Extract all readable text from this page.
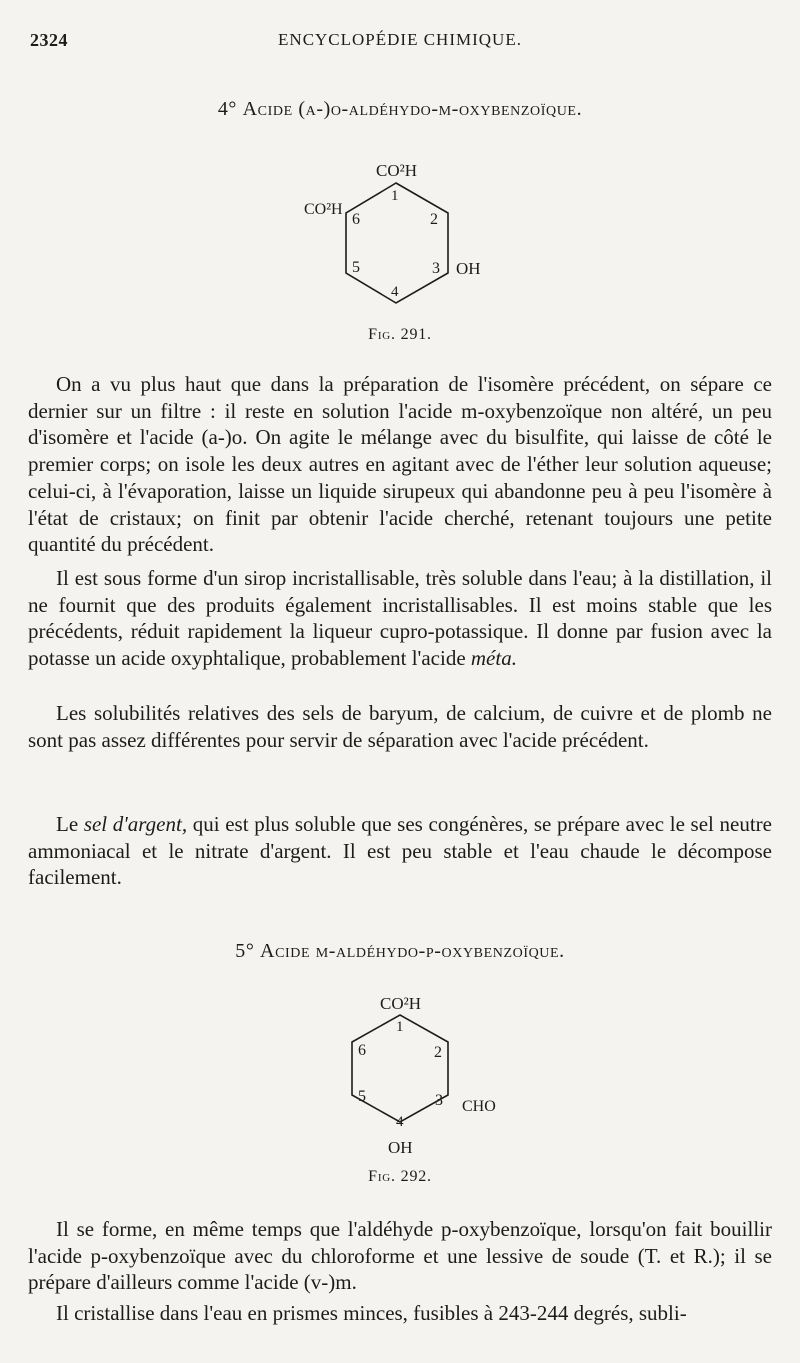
2324	ENCYCLOPÉDIE CHIMIQUE.
4° Acide (a-)o-aldéhydo-m-oxybenzoïque.
CO²H
CO²H
OH
1
2
3
4
5
6
Fig. 291.

On a vu plus haut que dans la préparation de l'isomère précédent, on sépare ce dernier sur un filtre : il reste en solution l'acide m-oxybenzoïque non altéré, un peu d'isomère et l'acide (a-)o. On agite le mélange avec du bisulfite, qui laisse de côté le premier corps; on isole les deux autres en agitant avec de l'éther leur solution aqueuse; celui-ci, à l'évaporation, laisse un liquide sirupeux qui abandonne peu à peu l'isomère à l'état de cristaux; on finit par obtenir l'acide cherché, retenant toujours une petite quantité du précédent.

Il est sous forme d'un sirop incristallisable, très soluble dans l'eau; à la distillation, il ne fournit que des produits également incristallisables. Il est moins stable que les précédents, réduit rapidement la liqueur cupro-potassique. Il donne par fusion avec la potasse un acide oxyphtalique, probablement l'acide méta.

Les solubilités relatives des sels de baryum, de calcium, de cuivre et de plomb ne sont pas assez différentes pour servir de séparation avec l'acide précédent.

Le sel d'argent, qui est plus soluble que ses congénères, se prépare avec le sel neutre ammoniacal et le nitrate d'argent. Il est peu stable et l'eau chaude le décompose facilement.

5° Acide m-aldéhydo-p-oxybenzoïque.
CO²H
CHO
OH
1
2
3
4
5
6
Fig. 292.

Il se forme, en même temps que l'aldéhyde p-oxybenzoïque, lorsqu'on fait bouillir l'acide p-oxybenzoïque avec du chloroforme et une lessive de soude (T. et R.); il se prépare d'ailleurs comme l'acide (v-)m.

Il cristallise dans l'eau en prismes minces, fusibles à 243-244 degrés, subli-
